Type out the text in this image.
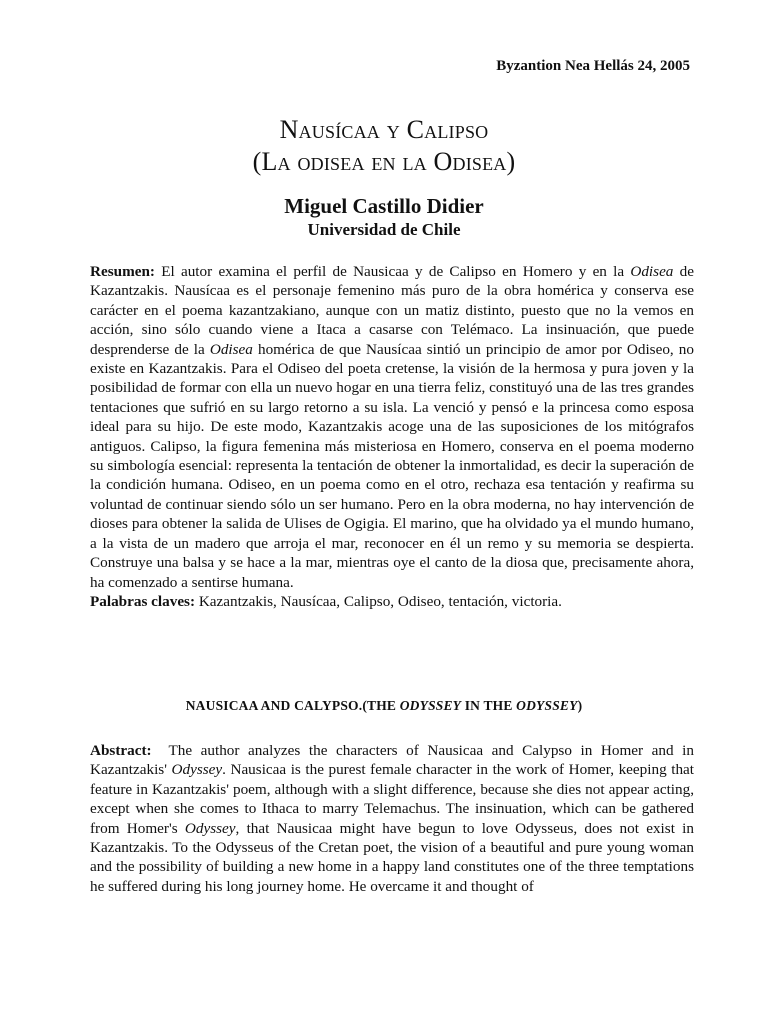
Byzantion Nea Hellás 24, 2005
Nausícaa y Calipso
(La odisea en la Odisea)
Miguel Castillo Didier
Universidad de Chile
Resumen: El autor examina el perfil de Nausicaa y de Calipso en Homero y en la Odisea de Kazantzakis. Nausícaa es el personaje femenino más puro de la obra homérica y conserva ese carácter en el poema kazantzakiano, aunque con un matiz distinto, puesto que no la vemos en acción, sino sólo cuando viene a Itaca a casarse con Telémaco. La insinuación, que puede desprenderse de la Odisea homérica de que Nausícaa sintió un principio de amor por Odiseo, no existe en Kazantzakis. Para el Odiseo del poeta cretense, la visión de la hermosa y pura joven y la posibilidad de formar con ella un nuevo hogar en una tierra feliz, constituyó una de las tres grandes tentaciones que sufrió en su largo retorno a su isla. La venció y pensó e la princesa como esposa ideal para su hijo. De este modo, Kazantzakis acoge una de las suposiciones de los mitógrafos antiguos. Calipso, la figura femenina más misteriosa en Homero, conserva en el poema moderno su simbología esencial: representa la tentación de obtener la inmortalidad, es decir la superación de la condición humana. Odiseo, en un poema como en el otro, rechaza esa tentación y reafirma su voluntad de continuar siendo sólo un ser humano. Pero en la obra moderna, no hay intervención de dioses para obtener la salida de Ulises de Ogigia. El marino, que ha olvidado ya el mundo humano, a la vista de un madero que arroja el mar, reconocer en él un remo y su memoria se despierta. Construye una balsa y se hace a la mar, mientras oye el canto de la diosa que, precisamente ahora, ha comenzado a sentirse humana.
Palabras claves: Kazantzakis, Nausícaa, Calipso, Odiseo, tentación, victoria.
NAUSICAA AND CALYPSO.(THE ODYSSEY IN THE ODYSSEY)
Abstract:  The author analyzes the characters of Nausicaa and Calypso in Homer and in Kazantzakis' Odyssey. Nausicaa is the purest female character in the work of Homer, keeping that feature in Kazantzakis' poem, although with a slight difference, because she dies not appear acting, except when she comes to Ithaca to marry Telemachus. The insinuation, which can be gathered from Homer's Odyssey, that Nausicaa might have begun to love Odysseus, does not exist in Kazantzakis. To the Odysseus of the Cretan poet, the vision of a beautiful and pure young woman and the possibility of building a new home in a happy land constitutes one of the three temptations he suffered during his long journey home. He overcame it and thought of
